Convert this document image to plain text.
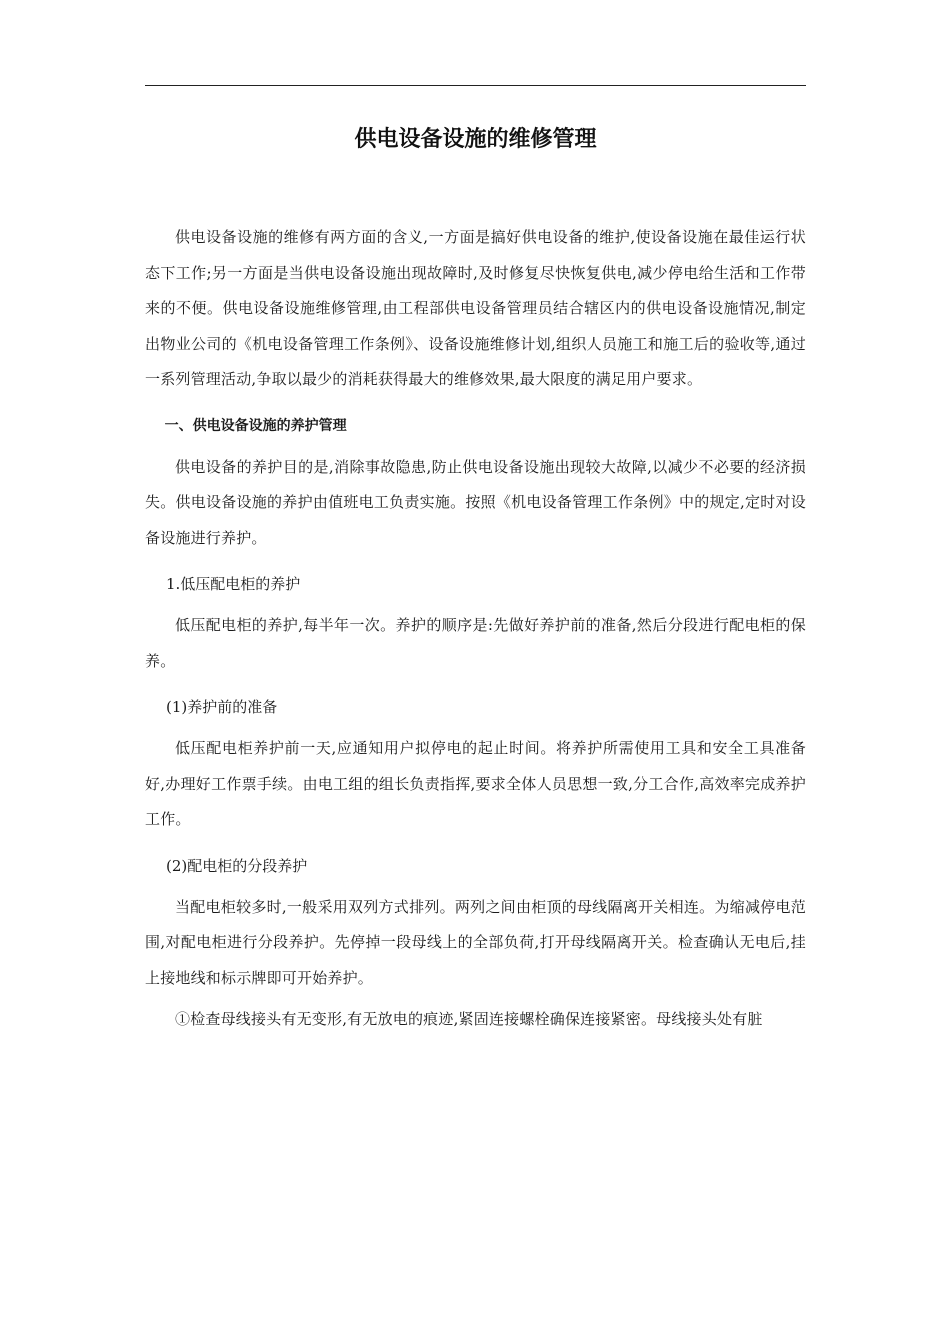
供电设备设施的维修管理

供电设备设施的维修有两方面的含义,一方面是搞好供电设备的维护,使设备设施在最佳运行状态下工作;另一方面是当供电设备设施出现故障时,及时修复尽快恢复供电,减少停电给生活和工作带来的不便。供电设备设施维修管理,由工程部供电设备管理员结合辖区内的供电设备设施情况,制定出物业公司的《机电设备管理工作条例》、设备设施维修计划,组织人员施工和施工后的验收等,通过一系列管理活动,争取以最少的消耗获得最大的维修效果,最大限度的满足用户要求。

一、供电设备设施的养护管理

供电设备的养护目的是,消除事故隐患,防止供电设备设施出现较大故障,以减少不必要的经济损失。供电设备设施的养护由值班电工负责实施。按照《机电设备管理工作条例》中的规定,定时对设备设施进行养护。

1.低压配电柜的养护

低压配电柜的养护,每半年一次。养护的顺序是:先做好养护前的准备,然后分段进行配电柜的保养。

(1)养护前的准备

低压配电柜养护前一天,应通知用户拟停电的起止时间。将养护所需使用工具和安全工具准备好,办理好工作票手续。由电工组的组长负责指挥,要求全体人员思想一致,分工合作,高效率完成养护工作。

(2)配电柜的分段养护

当配电柜较多时,一般采用双列方式排列。两列之间由柜顶的母线隔离开关相连。为缩减停电范围,对配电柜进行分段养护。先停掉一段母线上的全部负荷,打开母线隔离开关。检查确认无电后,挂上接地线和标示牌即可开始养护。

①检查母线接头有无变形,有无放电的痕迹,紧固连接螺栓确保连接紧密。母线接头处有脏
